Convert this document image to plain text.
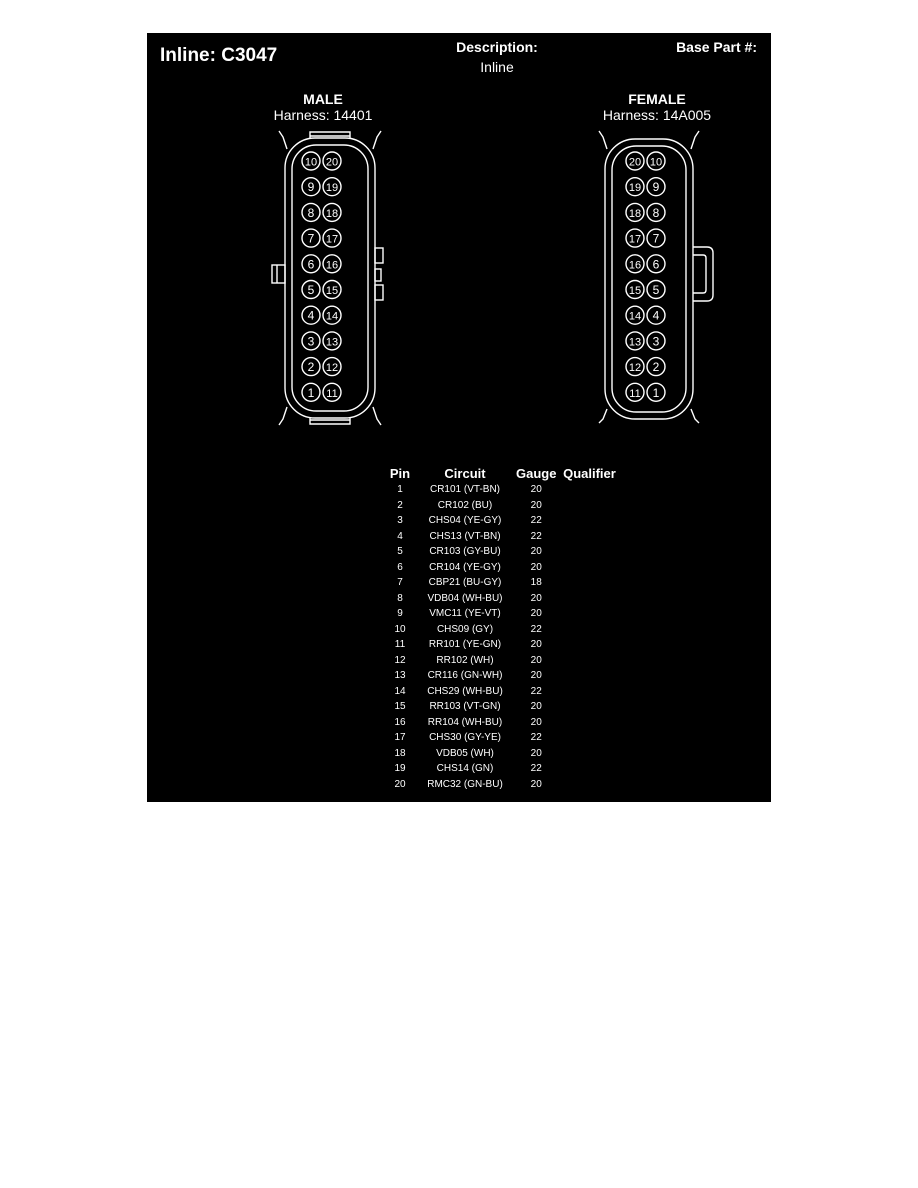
Inline: C3047	Description:
Inline
Base Part #:
MALE
Harness: 14401
FEMALE
Harness: 14A005
10 20
9 19
8 18
7 17
6 16
5 15
4 14
3 13
2 12
1 11
20 10
19 9
18 8
17 7
16 6
15 5
14 4
13 3
12 2
11 1
Pin	Circuit	Gauge	Qualifier
1	CR101 (VT-BN)	20	
2	CR102 (BU)	20	
3	CHS04 (YE-GY)	22	
4	CHS13 (VT-BN)	22	
5	CR103 (GY-BU)	20	
6	CR104 (YE-GY)	20	
7	CBP21 (BU-GY)	18	
8	VDB04 (WH-BU)	20	
9	VMC11 (YE-VT)	20	
10	CHS09 (GY)	22	
11	RR101 (YE-GN)	20	
12	RR102 (WH)	20	
13	CR116 (GN-WH)	20	
14	CHS29 (WH-BU)	22	
15	RR103 (VT-GN)	20	
16	RR104 (WH-BU)	20	
17	CHS30 (GY-YE)	22	
18	VDB05 (WH)	20	
19	CHS14 (GN)	22	
20	RMC32 (GN-BU)	20	
